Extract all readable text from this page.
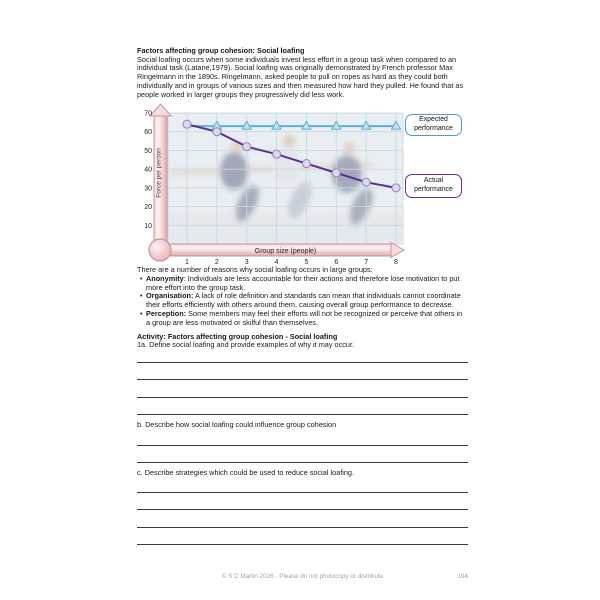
Factors affecting group cohesion: Social loafing
Social loafing occurs when some individuals invest less effort in a group task when compared to an individual task (Latane,1979). Social loafing was originally demonstrated by French professor Max Ringelmann in the 1890s. Ringelmann, asked people to pull on ropes as hard as they could both individually and in groups of various sizes and then measured how hard they pulled. He found that as people worked in larger groups they progressively did less work.
70
60
50
40
30
20
10
1	2	3	4	5	6	7	8
Group size (people)
Force per person
Expected
performance
Actual
performance
There are a number of reasons why social loafing occurs in large groups:
• Anonymity: Individuals are less accountable for their actions and therefore lose motivation to put more effort into the group task.
• Organisation: A lack of role definition and standards can mean that individuals cannot coordinate their efforts efficiently with others around them, causing overall group performance to decrease.
• Perception: Some members may feel their efforts will not be recognized or perceive that others in a group are less motivated or skilful than themselves.
Activity: Factors affecting group cohesion - Social loafing
1a. Define social loafing and provide examples of why it may occur.
b. Describe how social loafing could influence group cohesion
c. Describe strategies which could be used to reduce social loafing.
© S D Martin 2026 - Please do not photocopy or distribute	194
